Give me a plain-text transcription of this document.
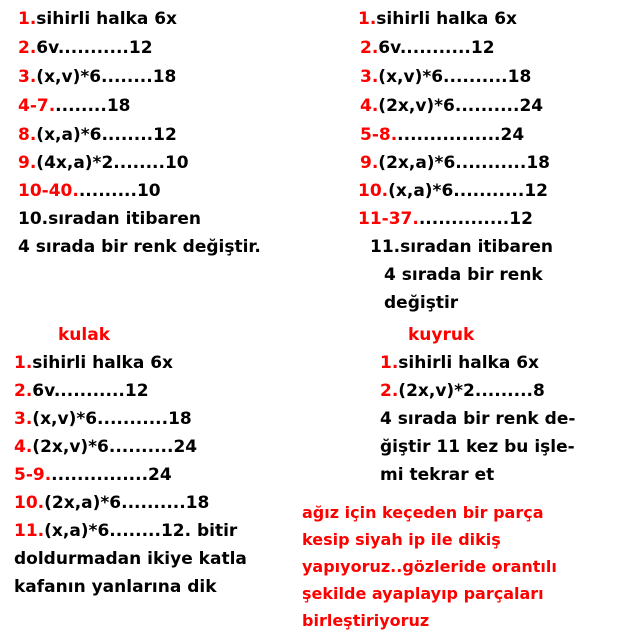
1.sihirli halka 6x
2.6v...........12
3.(x,v)*6........18
4-7.........18
8.(x,a)*6........12
9.(4x,a)*2........10
10-40..........10
10.sıradan itibaren
4 sırada bir renk değiştir.
1.sihirli halka 6x
2.6v...........12
3.(x,v)*6..........18
4.(2x,v)*6..........24
5-8.................24
9.(2x,a)*6...........18
10.(x,a)*6...........12
11-37...............12
11.sıradan itibaren
4 sırada bir renk
değiştir
kulak
1.sihirli halka 6x
2.6v...........12
3.(x,v)*6...........18
4.(2x,v)*6..........24
5-9................24
10.(2x,a)*6..........18
11.(x,a)*6........12. bitir
doldurmadan ikiye katla
kafanın yanlarına dik
kuyruk
1.sihirli halka 6x
2.(2x,v)*2.........8
4 sırada bir renk de-
ğiştir 11 kez bu işle-
mi tekrar et
ağız için keçeden bir parça
kesip siyah ip ile dikiş
yapıyoruz..gözleride orantılı
şekilde ayaplayıp parçaları
birleştiriyoruz
